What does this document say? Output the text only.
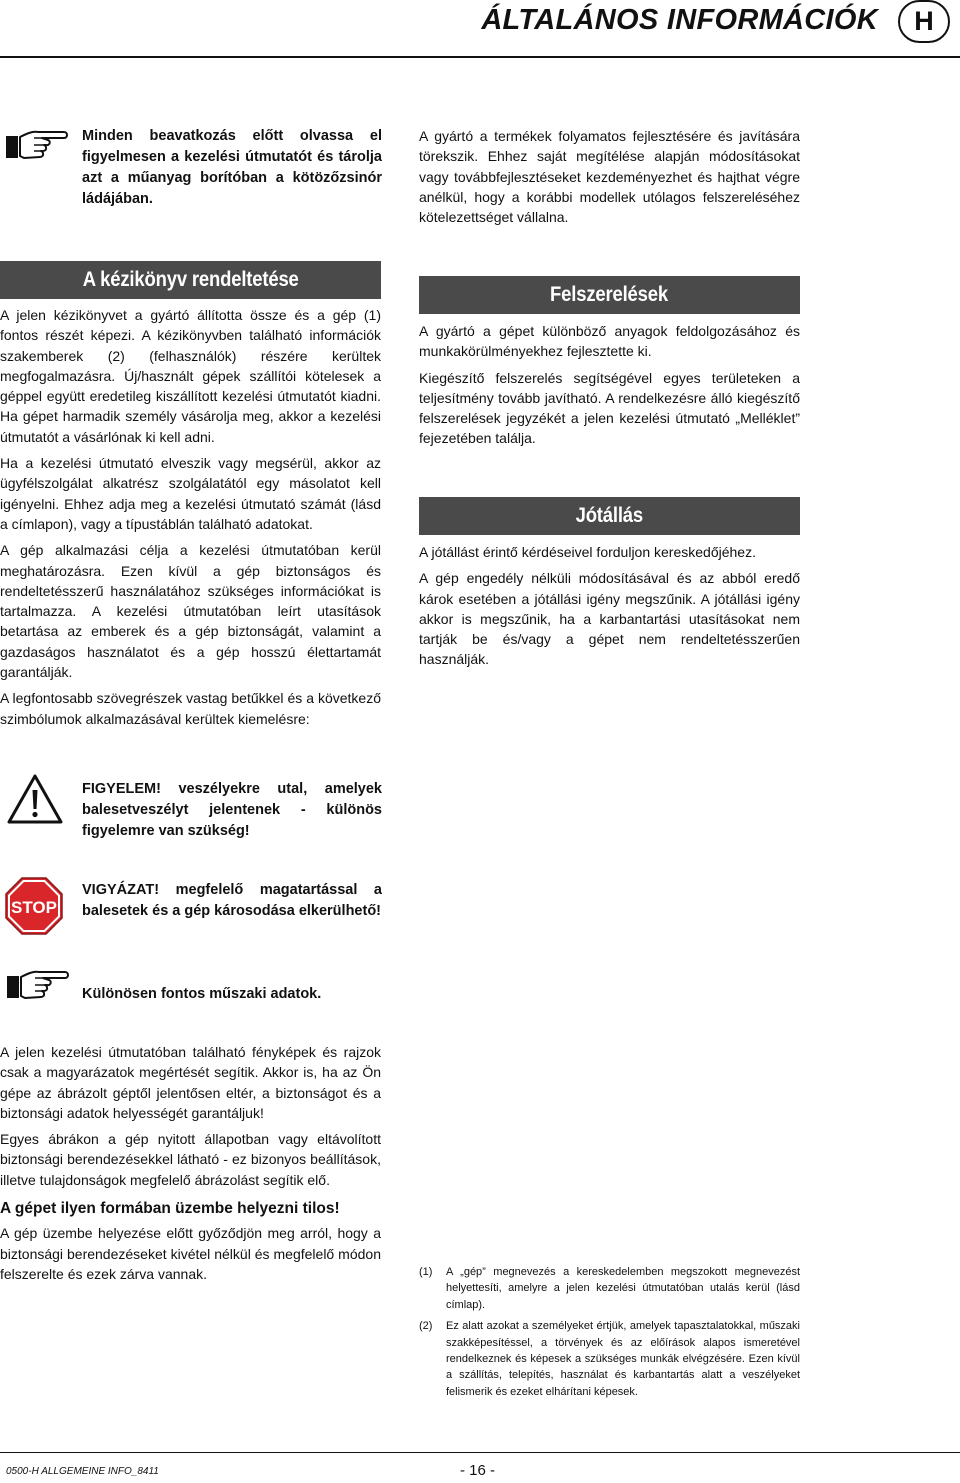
ÁLTALÁNOS INFORMÁCIÓK	H
Minden beavatkozás előtt olvassa el figyelmesen a kezelési útmutatót és tárolja azt a műanyag borítóban a kötözőzsinór ládájában.

A gyártó a termékek folyamatos fejlesztésére és javítására törekszik. Ehhez saját megítélése alapján módosításokat vagy továbbfejlesztéseket kezdeményezhet és hajthat végre anélkül, hogy a korábbi modellek utólagos felszereléséhez kötelezettséget vállalna.

A kézikönyv rendeltetése

A jelen kézikönyvet a gyártó állította össze és a gép (1) fontos részét képezi. A kézikönyvben található információk szakemberek (2) (felhasználók) részére kerültek megfogalmazásra. Új/használt gépek szállítói kötelesek a géppel együtt eredetileg kiszállított kezelési útmutatót kiadni. Ha gépet harmadik személy vásárolja meg, akkor a kezelési útmutatót a vásárlónak ki kell adni.

Ha a kezelési útmutató elveszik vagy megsérül, akkor az ügyfélszolgálat alkatrész szolgálatától egy másolatot kell igényelni. Ehhez adja meg a kezelési útmutató számát (lásd a címlapon), vagy a típustáblán található adatokat.

A gép alkalmazási célja a kezelési útmutatóban kerül meghatározásra. Ezen kívül a gép biztonságos és rendeltetésszerű használatához szükséges információkat is tartalmazza. A kezelési útmutatóban leírt utasítások betartása az emberek és a gép biztonságát, valamint a gazdaságos használatot és a gép hosszú élettartamát garantálják.

A legfontosabb szövegrészek vastag betűkkel és a következő szimbólumok alkalmazásával kerültek kiemelésre:

Felszerelések

A gyártó a gépet különböző anyagok feldolgozásához és munkakörülményekhez fejlesztette ki.

Kiegészítő felszerelés segítségével egyes területeken a teljesítmény tovább javítható. A rendelkezésre álló kiegészítő felszerelések jegyzékét a jelen kezelési útmutató „Melléklet” fejezetében találja.

Jótállás

A jótállást érintő kérdéseivel forduljon kereskedőjéhez.

A gép engedély nélküli módosításával és az abból eredő károk esetében a jótállási igény megszűnik. A jótállási igény akkor is megszűnik, ha a karbantartási utasításokat nem tartják be és/vagy a gépet nem rendeltetésszerűen használják.

FIGYELEM! veszélyekre utal, amelyek balesetveszélyt jelentenek - különös figyelemre van szükség!
STOP
VIGYÁZAT! megfelelő magatartással a balesetek és a gép károsodása elkerülhető!
Különösen fontos műszaki adatok.

A jelen kezelési útmutatóban található fényképek és rajzok csak a magyarázatok megértését segítik. Akkor is, ha az Ön gépe az ábrázolt géptől jelentősen eltér, a biztonságot és a biztonsági adatok helyességét garantáljuk!

Egyes ábrákon a gép nyitott állapotban vagy eltávolított biztonsági berendezésekkel látható - ez bizonyos beállítások, illetve tulajdonságok megfelelő ábrázolást segítik elő.

A gépet ilyen formában üzembe helyezni tilos!

A gép üzembe helyezése előtt győződjön meg arról, hogy a biztonsági berendezéseket kivétel nélkül és megfelelő módon felszerelte és ezek zárva vannak.	(1)	A „gép” megnevezés a kereskedelemben megszokott megnevezést helyettesíti, amelyre a jelen kezelési útmutatóban utalás kerül (lásd címlap).
(2)	Ez alatt azokat a személyeket értjük, amelyek tapasztalatokkal, műszaki szakképesítéssel, a törvények és az előírások alapos ismeretével rendelkeznek és képesek a szükséges munkák elvégzésére. Ezen kívül a szállítás, telepítés, használat és karbantartás alatt a veszélyeket felismerik és ezeket elhárítani képesek.
0500-H ALLGEMEINE INFO_8411	- 16 -
